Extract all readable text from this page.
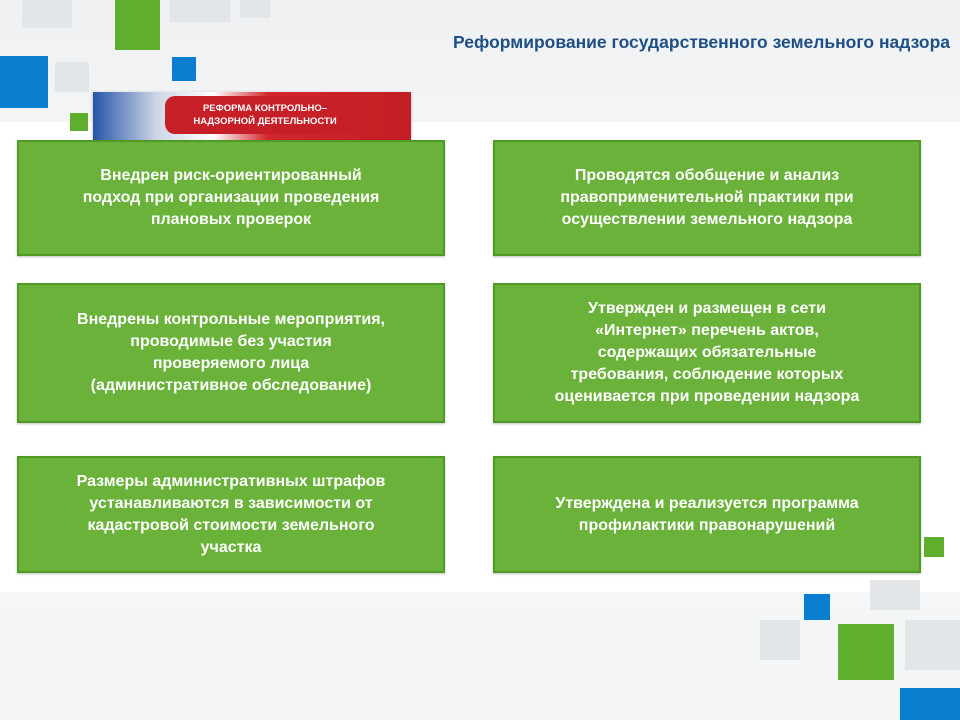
Реформирование государственного земельного надзора
РЕФОРМА КОНТРОЛЬНО–
НАДЗОРНОЙ ДЕЯТЕЛЬНОСТИ
Внедрен риск-ориентированный
подход при организации проведения
плановых проверок
Проводятся обобщение и анализ
правоприменительной практики при
осуществлении земельного надзора
Внедрены контрольные мероприятия,
проводимые без участия
проверяемого лица
(административное обследование)
Утвержден и размещен в сети
«Интернет» перечень актов,
содержащих обязательные
требования, соблюдение которых
оценивается при проведении надзора
Размеры административных штрафов
устанавливаются в зависимости от
кадастровой стоимости земельного
участка
Утверждена и реализуется программа
профилактики правонарушений
